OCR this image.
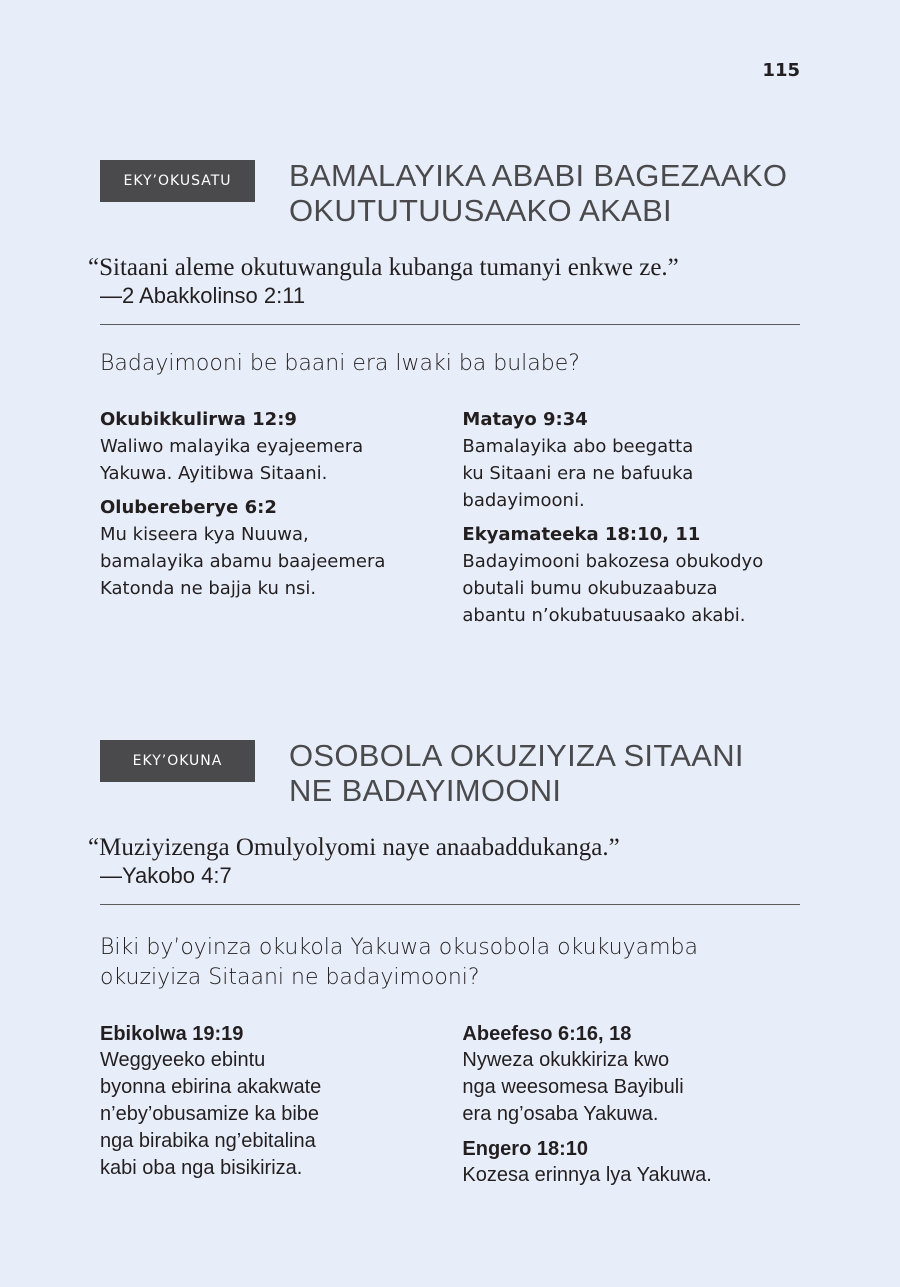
115
EKY’OKUSATU	BAMALAYIKA ABABI BAGEZAAKO
OKUTUTUUSAAKO AKABI
“Sitaani aleme okutuwangula kubanga tumanyi enkwe ze.”
—2 Abakkolinso 2:11
Badayimooni be baani era lwaki ba bulabe?
Okubikkulirwa 12:9
Waliwo malayika eyajeemera
Yakuwa. Ayitibwa Sitaani.
Olubereberye 6:2
Mu kiseera kya Nuuwa,
bamalayika abamu baajeemera
Katonda ne bajja ku nsi.
Matayo 9:34
Bamalayika abo beegatta
ku Sitaani era ne bafuuka
badayimooni.
Ekyamateeka 18:10, 11
Badayimooni bakozesa obukodyo
obutali bumu okubuzaabuza
abantu n’okubatuusaako akabi.
EKY’OKUNA	OSOBOLA OKUZIYIZA SITAANI
NE BADAYIMOONI
“Muziyizenga Omulyolyomi naye anaabaddukanga.”
—Yakobo 4:7
Biki by’oyinza okukola Yakuwa okusobola okukuyamba
okuziyiza Sitaani ne badayimooni?
Ebikolwa 19:19
Weggyeeko ebintu
byonna ebirina akakwate
n’eby’obusamize ka bibe
nga birabika ng’ebitalina
kabi oba nga bisikiriza.
Abeefeso 6:16, 18
Nyweza okukkiriza kwo
nga weesomesa Bayibuli
era ng’osaba Yakuwa.
Engero 18:10
Kozesa erinnya lya Yakuwa.
